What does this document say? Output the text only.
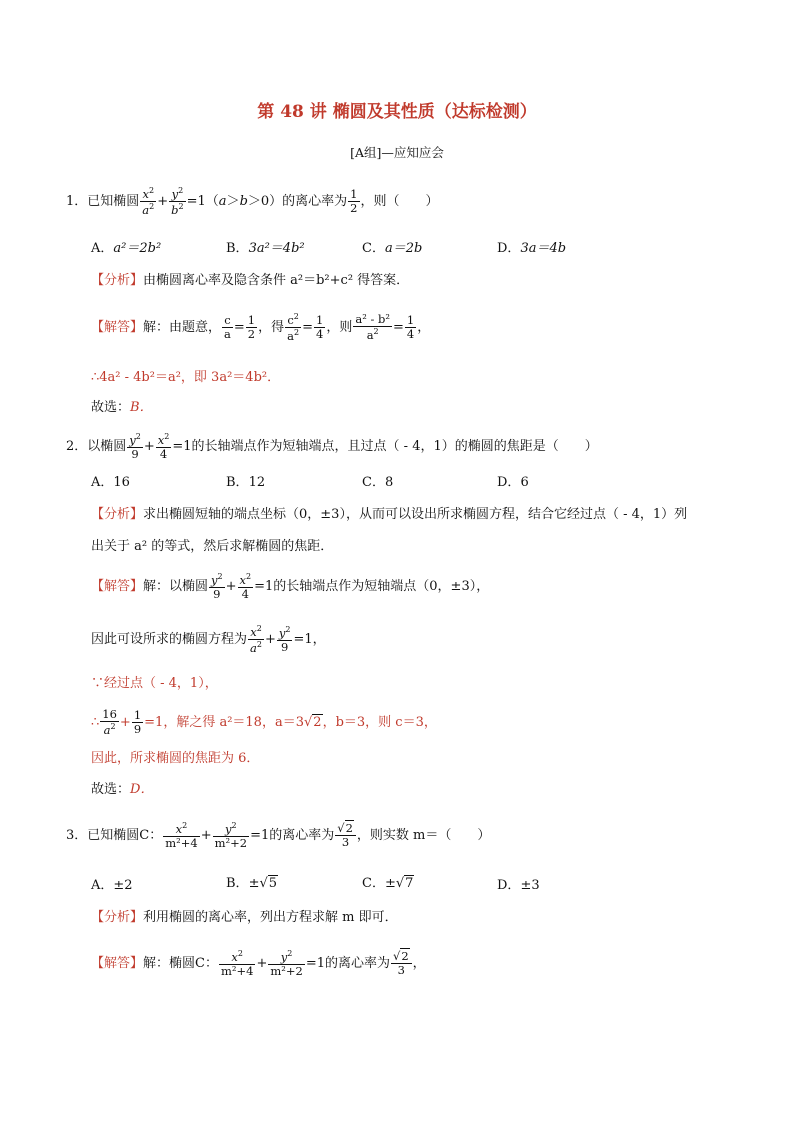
第 48 讲 椭圆及其性质（达标检测）
[A组]—应知应会
1．已知椭圆 $\frac{x^2}{a^2} + \frac{y^2}{b^2} =1(a>b>0)$的离心率为 $\frac{1}{2}$ ，则（　　）
A．a²＝2b²	B．3a²＝4b²	C．a＝2b	D．3a＝4b
【分析】由椭圆离心率及隐含条件 a²＝b²+c² 得答案．
【解答】解：由题意， $\frac{c}{a} = \frac{1}{2}$ ，得 $\frac{c^2}{a^2} = \frac{1}{4}$ ，则 $\frac{\text{a² - b²}}{a^2} = \frac{1}{4}$ ，
∴4a² - 4b²＝a²，即 3a²＝4b²．
故选：B．
2．以椭圆 $\frac{y^2}{9} + \frac{x^2}{4} =1$的长轴端点作为短轴端点，且过点（ - 4，1）的椭圆的焦距是（　　）
A．16	B．12	C．8	D．6
【分析】求出椭圆短轴的端点坐标（0，±3），从而可以设出所求椭圆方程，结合它经过点（ - 4，1）列
出关于 a² 的等式，然后求解椭圆的焦距．
【解答】解：以椭圆 $\frac{y^2}{9} + \frac{x^2}{4} =1$的长轴端点作为短轴端点（0，±3），
因此可设所求的椭圆方程为 $\frac{x^2}{a^2} + \frac{y^2}{9} =1$，
∵经过点（ - 4，1），
∴ $\frac{16}{a^2} + \frac{1}{9} =1$，解之得 a²＝18，a＝3√2，b＝3，则 c＝3，
因此，所求椭圆的焦距为 6．
故选：D．
3．已知椭圆C： $\frac{x^2}{\text{m²+4}} + \frac{y^2}{\text{m²+2}} =1$的离心率为 $\frac{√2}{3}$ ，则实数 m＝（　　）
A．±2	B．±√5	C．±√7	D．±3
【分析】利用椭圆的离心率，列出方程求解 m 即可．
【解答】解：椭圆C： $\frac{x^2}{\text{m²+4}} + \frac{y^2}{\text{m²+2}} =1$的离心率为 $\frac{√2}{3}$ ，
